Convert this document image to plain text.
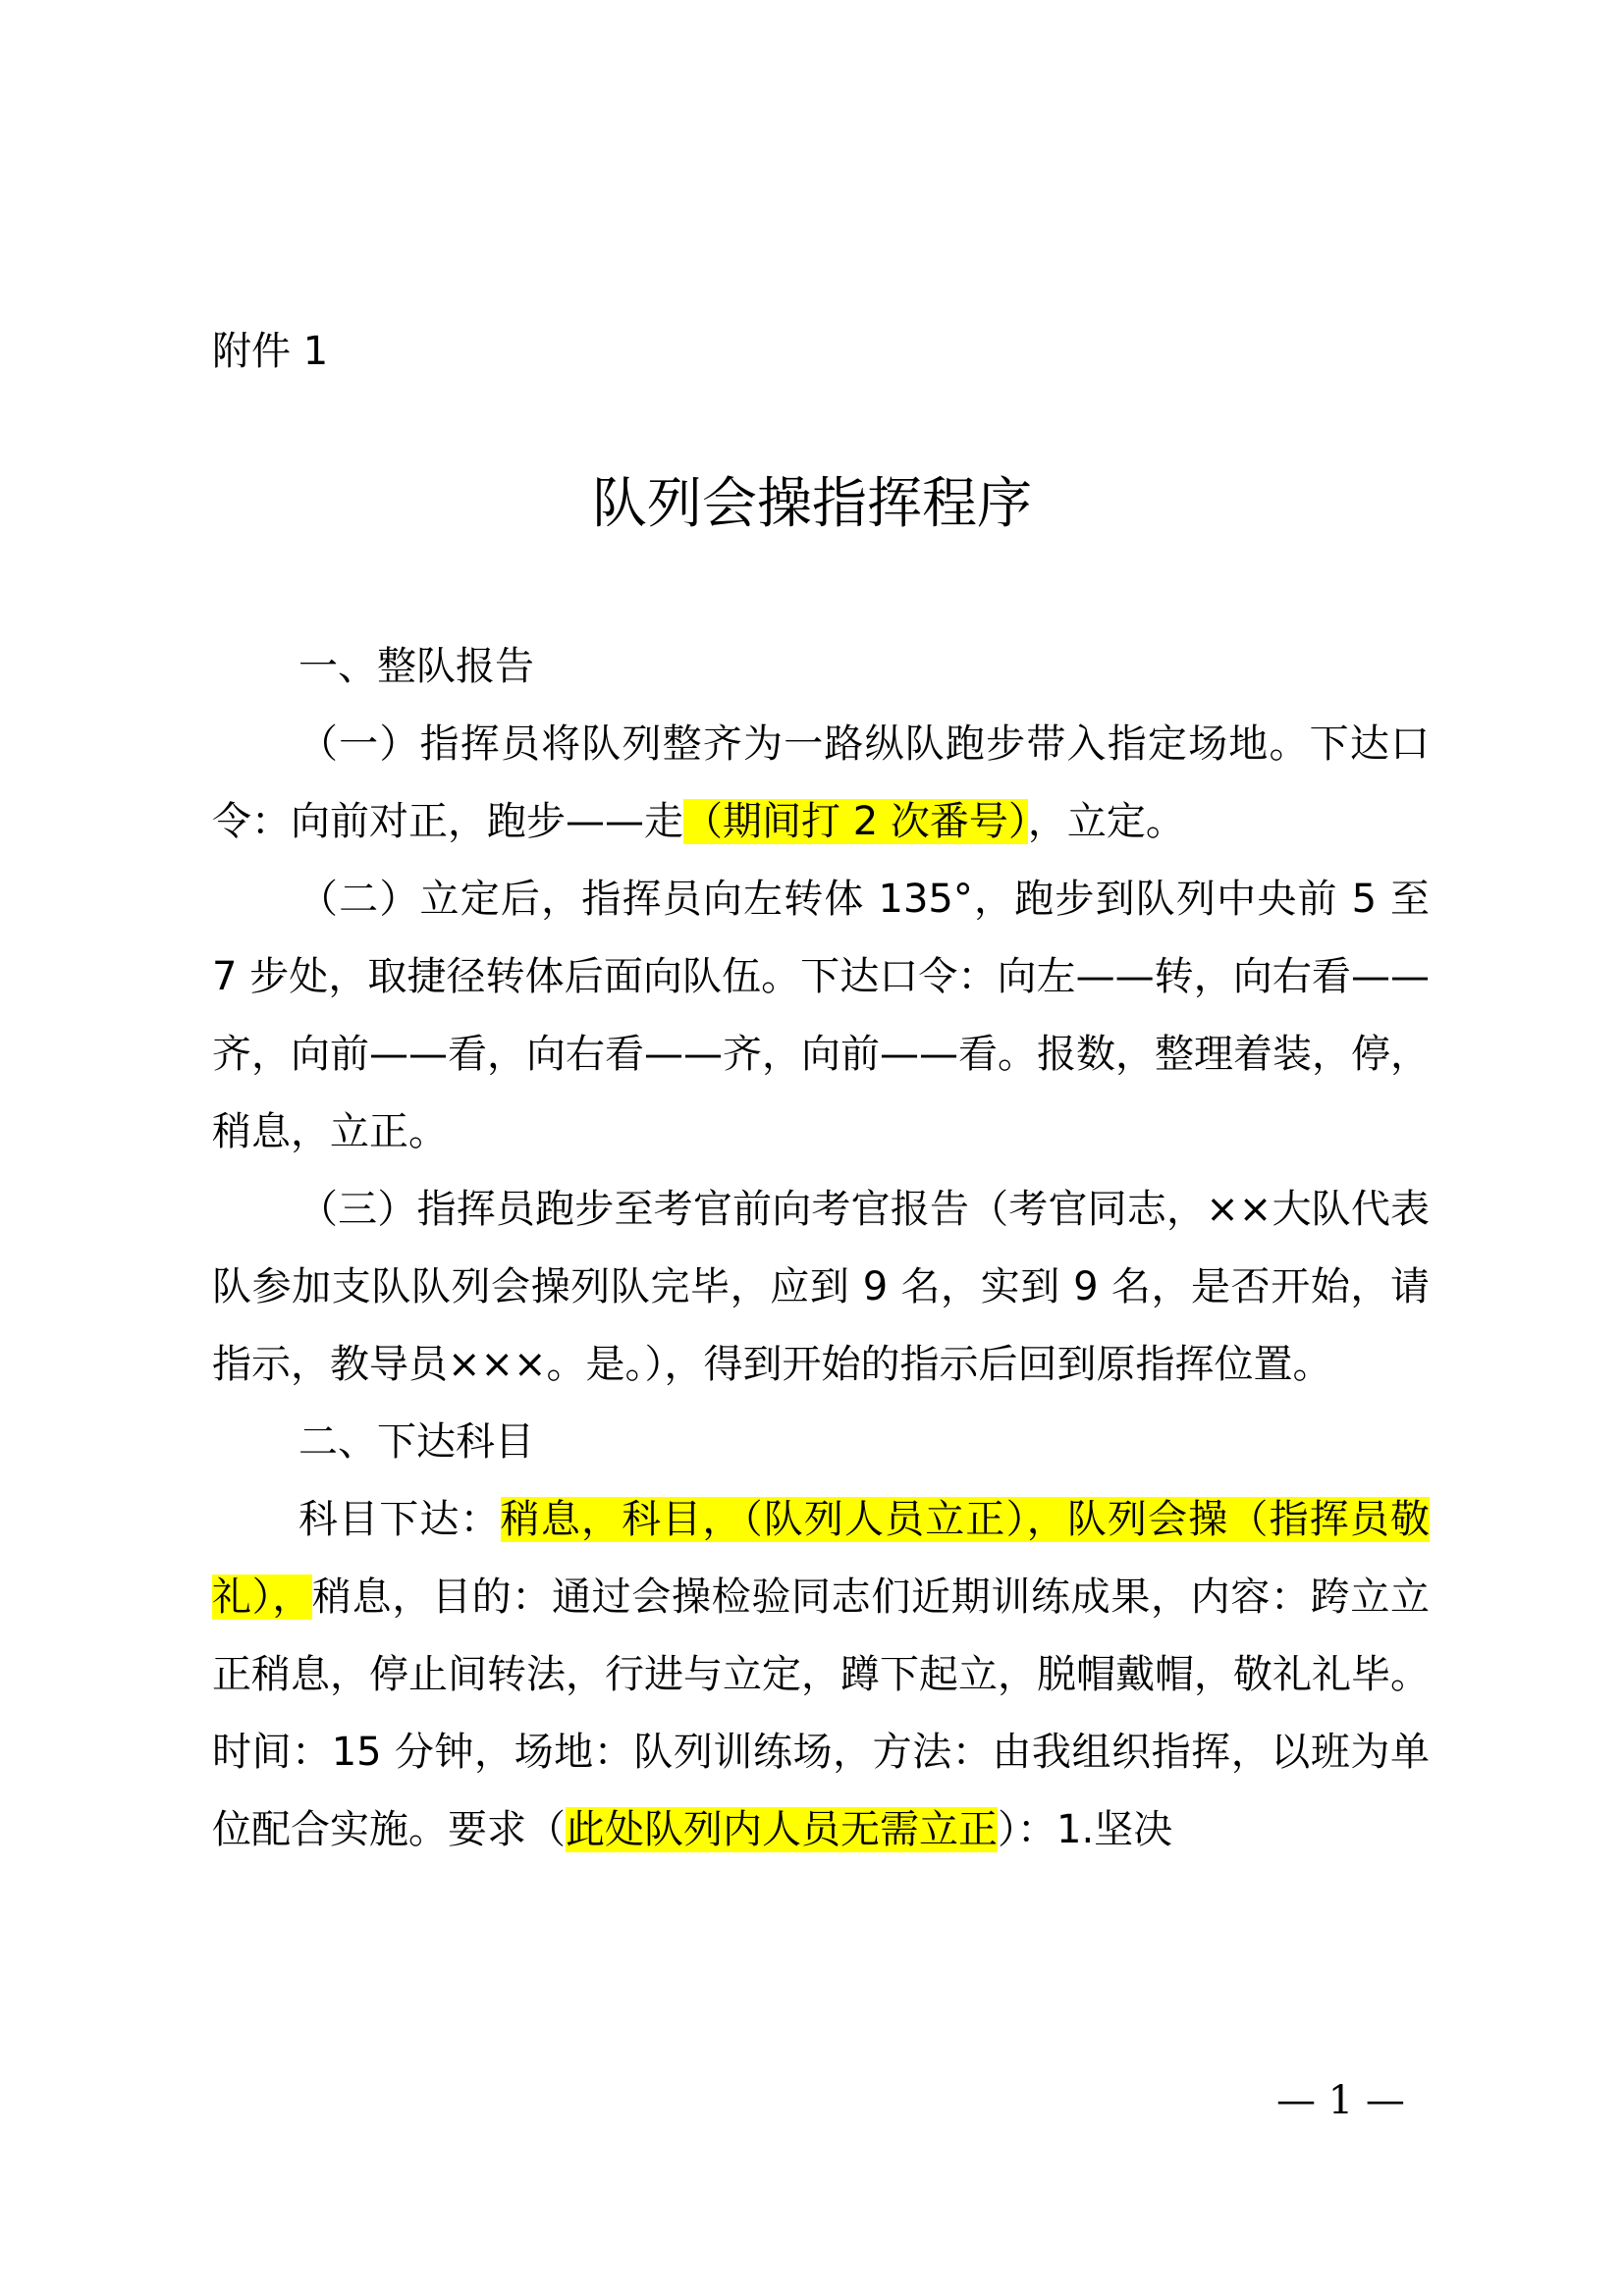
附件 1
队列会操指挥程序

一、整队报告

（一）指挥员将队列整齐为一路纵队跑步带入指定场地。下达口令：向前对正，跑步——走（期间打 2 次番号），立定。

（二）立定后，指挥员向左转体 135°，跑步到队列中央前 5 至 7 步处，取捷径转体后面向队伍。下达口令：向左——转，向右看——齐，向前——看，向右看——齐，向前——看。报数，整理着装，停，稍息，立正。

（三）指挥员跑步至考官前向考官报告（考官同志，××大队代表队参加支队队列会操列队完毕，应到 9 名，实到 9 名，是否开始，请指示，教导员×××。是。），得到开始的指示后回到原指挥位置。

二、下达科目

科目下达：稍息，科目，（队列人员立正），队列会操（指挥员敬礼），稍息，目的：通过会操检验同志们近期训练成果，内容：跨立立正稍息，停止间转法，行进与立定，蹲下起立，脱帽戴帽，敬礼礼毕。时间：15 分钟，场地：队列训练场，方法：由我组织指挥，以班为单位配合实施。要求（此处队列内人员无需立正）：1.坚决

— 1 —
